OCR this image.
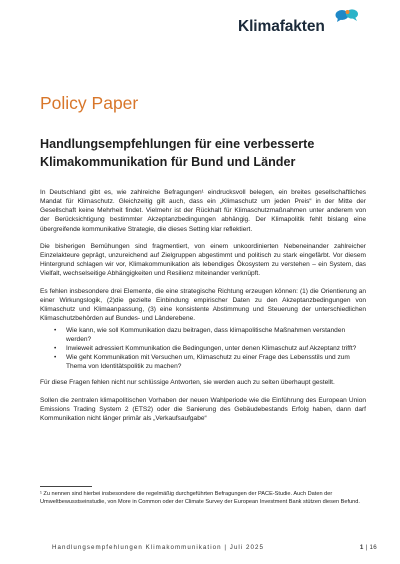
Klimafakten
Policy Paper
Handlungsempfehlungen für eine verbesserte Klimakommunikation für Bund und Länder

In Deutschland gibt es, wie zahlreiche Befragungen¹ eindrucksvoll belegen, ein breites gesellschaftliches Mandat für Klimaschutz. Gleichzeitig gilt auch, dass ein „Klimaschutz um jeden Preis“ in der Mitte der Gesellschaft keine Mehrheit findet. Vielmehr ist der Rückhalt für Klimaschutzmaßnahmen unter anderem von der Berücksichtigung bestimmter Akzeptanzbedingungen abhängig. Der Klimapolitik fehlt bislang eine übergreifende kommunikative Strategie, die dieses Setting klar reflektiert.

Die bisherigen Bemühungen sind fragmentiert, von einem unkoordinierten Nebeneinander zahlreicher Einzelakteure geprägt, unzureichend auf Zielgruppen abgestimmt und politisch zu stark eingefärbt. Vor diesem Hintergrund schlagen wir vor, Klimakommunikation als lebendiges Ökosystem zu verstehen – ein System, das Vielfalt, wechselseitige Abhängigkeiten und Resilienz miteinander verknüpft.

Es fehlen insbesondere drei Elemente, die eine strategische Richtung erzeugen können: (1) die Orientierung an einer Wirkungslogik, (2)die gezielte Einbindung empirischer Daten zu den Akzeptanzbedingungen von Klimaschutz und Klimaanpassung, (3) eine konsistente Abstimmung und Steuerung der unterschiedlichen Klimaschutzbehörden auf Bundes- und Länderebene.

•	Wie kann, wie soll Kommunikation dazu beitragen, dass klimapolitische Maßnahmen verstanden werden?
•	Inwieweit adressiert Kommunikation die Bedingungen, unter denen Klimaschutz auf Akzeptanz trifft?
•	Wie geht Kommunikation mit Versuchen um, Klimaschutz zu einer Frage des Lebensstils und zum Thema von Identitätspolitik zu machen?

Für diese Fragen fehlen nicht nur schlüssige Antworten, sie werden auch zu selten überhaupt gestellt.

Sollen die zentralen klimapolitischen Vorhaben der neuen Wahlperiode wie die Einführung des European Union Emissions Trading System 2 (ETS2) oder die Sanierung des Gebäudebestands Erfolg haben, dann darf Kommunikation nicht länger primär als „Verkaufsaufgabe“

¹ Zu nennen sind hierbei insbesondere die regelmäßig durchgeführten Befragungen der PACE-Studie. Auch Daten der Umweltbewusstseinstudie, von More in Common oder der Climate Survey der European Investment Bank stützen diesen Befund.
Handlungsempfehlungen Klimakommunikation | Juli 2025	1 | 16
